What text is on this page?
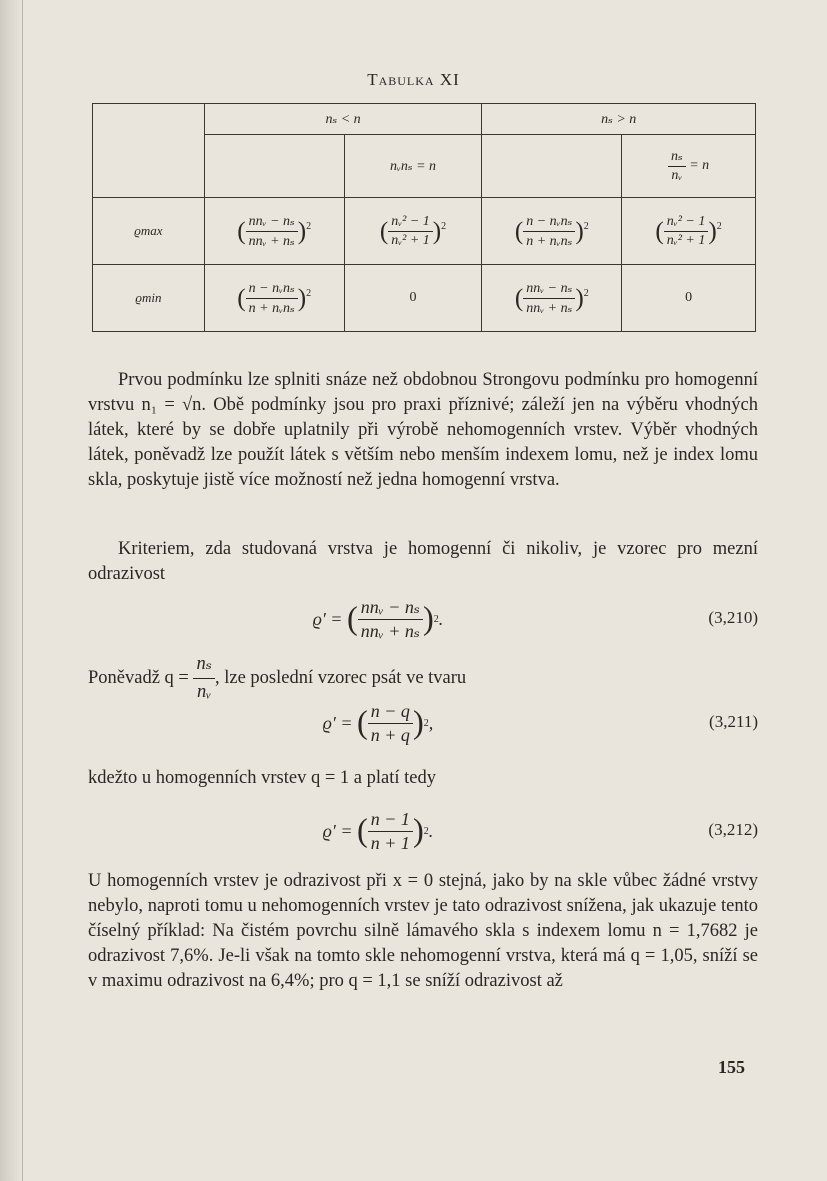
Tabulka XI
	nₛ < n		nₛ > n	
		nᵥnₛ = n		$\frac{\text{nₛ}}{\text{nᵥ}} = n$
ϱmax	( $\frac{\text{nnᵥ − nₛ}}{\text{nnᵥ + nₛ}} )^2$	( $\frac{\text{nᵥ² − 1}}{\text{nᵥ² + 1}} )^2$	( $\frac{\text{n − nᵥnₛ}}{\text{n + nᵥnₛ}} )^2$	( $\frac{\text{nᵥ² − 1}}{\text{nᵥ² + 1}} )^2$
ϱmin	( $\frac{\text{n − nᵥnₛ}}{\text{n + nᵥnₛ}} )^2$	0	( $\frac{\text{nnᵥ − nₛ}}{\text{nnᵥ + nₛ}} )^2$	0

Prvou podmínku lze splniti snáze než obdobnou Strongovu podmínku pro homogenní vrstvu n₁ = √n. Obě podmínky jsou pro praxi příznivé; záleží jen na výběru vhodných látek, které by se dobře uplatnily při výrobě nehomogenních vrstev. Výběr vhodných látek, poněvadž lze použít látek s větším nebo menším indexem lomu, než je index lomu skla, poskytuje jistě více možností než jedna homogenní vrstva.

Kriteriem, zda studovaná vrstva je homogenní či nikoliv, je vzorec pro mezní odrazivost

ϱ′ =
( $\frac{\text{nnᵥ − nₛ}}{\text{nnᵥ + nₛ}}$ ) 2 .	(3,210)

Poněvadž $q = \frac{\text{nₛ}}{\text{nᵥ}}$ , lze poslední vzorec psát ve tvaru

ϱ′ =
( $\frac{n - q}{n + q}$ ) 2 ,	(3,211)

kdežto u homogenních vrstev q = 1 a platí tedy

ϱ′ =
( $\frac{n - 1}{n + 1}$ ) 2 .	(3,212)

U homogenních vrstev je odrazivost při x = 0 stejná, jako by na skle vůbec žádné vrstvy nebylo, naproti tomu u nehomogenních vrstev je tato odrazivost snížena, jak ukazuje tento číselný příklad: Na čistém povrchu silně lámavého skla s indexem lomu n = 1,7682 je odrazivost 7,6%. Je-li však na tomto skle nehomogenní vrstva, která má q = 1,05, sníží se v maximu odrazivost na 6,4%; pro q = 1,1 se sníží odrazivost až

155
